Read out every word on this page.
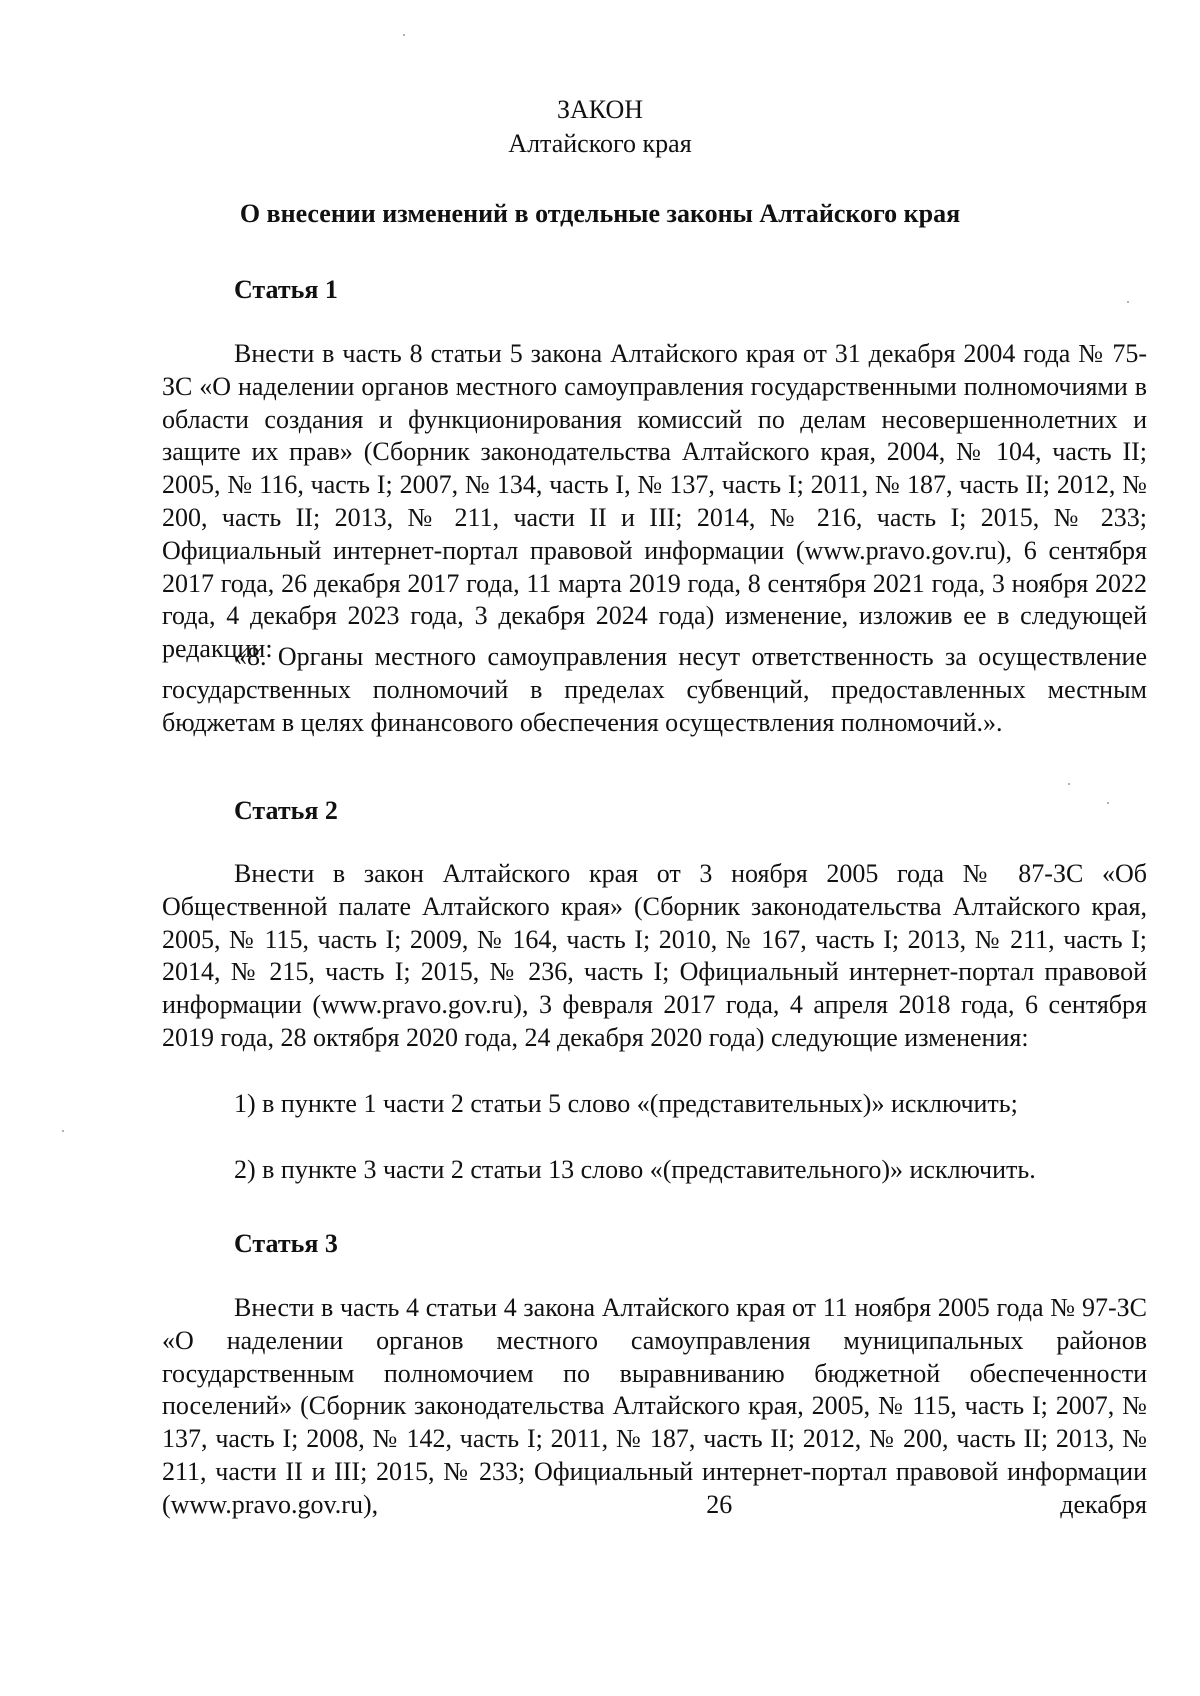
ЗАКОН
Алтайского края
О внесении изменений в отдельные законы Алтайского края
Статья 1

Внести в часть 8 статьи 5 закона Алтайского края от 31 декабря 2004 года № 75-ЗС «О наделении органов местного самоуправления государственными полномочиями в области создания и функционирования комиссий по делам несовершеннолетних и защите их прав» (Сборник законодательства Алтайского края, 2004, № 104, часть II; 2005, № 116, часть I; 2007, № 134, часть I, № 137, часть I; 2011, № 187, часть II; 2012, № 200, часть II; 2013, № 211, части II и III; 2014, № 216, часть I; 2015, № 233; Официальный интернет-портал правовой информации (www.pravo.gov.ru), 6 сентября 2017 года, 26 декабря 2017 года, 11 марта 2019 года, 8 сентября 2021 года, 3 ноября 2022 года, 4 декабря 2023 года, 3 декабря 2024 года) изменение, изложив ее в следующей редакции:

«8. Органы местного самоуправления несут ответственность за осуществление государственных полномочий в пределах субвенций, предоставленных местным бюджетам в целях финансового обеспечения осуществления полномочий.».

Статья 2

Внести в закон Алтайского края от 3 ноября 2005 года № 87-ЗС «Об Общественной палате Алтайского края» (Сборник законодательства Алтайского края, 2005, № 115, часть I; 2009, № 164, часть I; 2010, № 167, часть I; 2013, № 211, часть I; 2014, № 215, часть I; 2015, № 236, часть I; Официальный интернет-портал правовой информации (www.pravo.gov.ru), 3 февраля 2017 года, 4 апреля 2018 года, 6 сентября 2019 года, 28 октября 2020 года, 24 декабря 2020 года) следующие изменения:

1) в пункте 1 части 2 статьи 5 слово «(представительных)» исключить;
2) в пункте 3 части 2 статьи 13 слово «(представительного)» исключить.
Статья 3

Внести в часть 4 статьи 4 закона Алтайского края от 11 ноября 2005 года № 97-ЗС «О наделении органов местного самоуправления муниципальных районов государственным полномочием по выравниванию бюджетной обеспеченности поселений» (Сборник законодательства Алтайского края, 2005, № 115, часть I; 2007, № 137, часть I; 2008, № 142, часть I; 2011, № 187, часть II; 2012, № 200, часть II; 2013, № 211, части II и III; 2015, № 233; Официальный интернет-портал правовой информации (www.pravo.gov.ru), 26 декабря
